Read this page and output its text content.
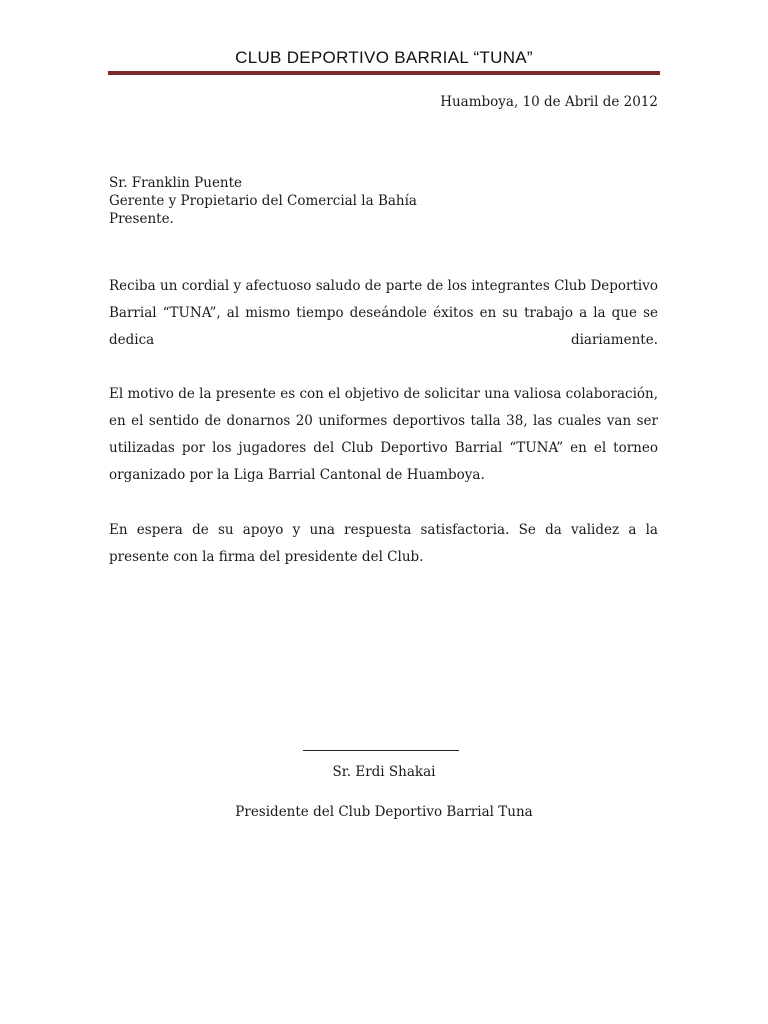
CLUB DEPORTIVO BARRIAL “TUNA”
Huamboya, 10 de Abril de 2012
Sr. Franklin Puente
Gerente y Propietario del Comercial la Bahía
Presente.
Reciba un cordial y afectuoso saludo de parte de los integrantes Club Deportivo Barrial “TUNA”, al mismo tiempo deseándole éxitos en su trabajo a la que se dedica diariamente.
El motivo de la presente es con el objetivo de solicitar una valiosa colaboración, en el sentido de donarnos 20 uniformes deportivos talla 38, las cuales van ser utilizadas por los jugadores del Club Deportivo Barrial “TUNA” en el torneo organizado por la Liga Barrial Cantonal de Huamboya.
En espera de su apoyo y una respuesta satisfactoria. Se da validez a la presente con la firma del presidente del Club.
Sr. Erdi Shakai
Presidente del Club Deportivo Barrial Tuna
